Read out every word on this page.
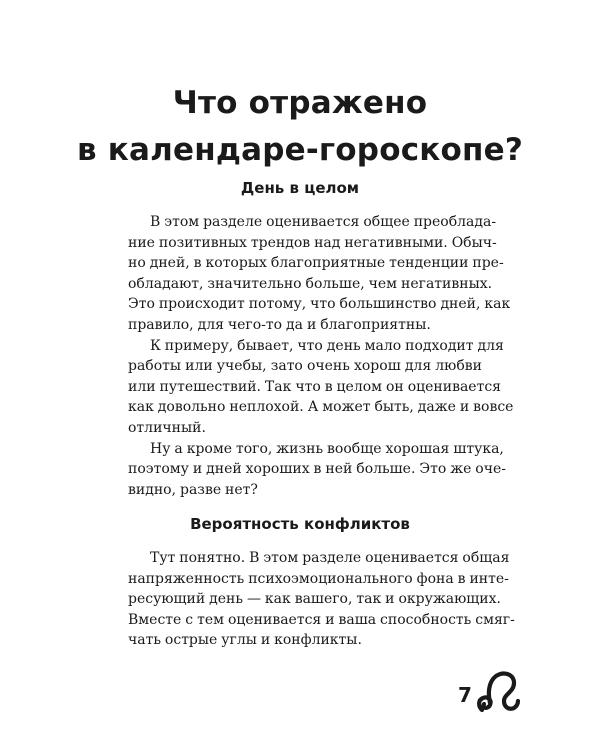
Что отражено
в календаре-гороскопе?
День в целом
В этом разделе оценивается общее преоблада-
ние позитивных трендов над негативными. Обыч-
но дней, в которых благоприятные тенденции пре-
обладают, значительно больше, чем негативных.
Это происходит потому, что большинство дней, как
правило, для чего-то да и благоприятны.
К примеру, бывает, что день мало подходит для
работы или учебы, зато очень хорош для любви
или путешествий. Так что в целом он оценивается
как довольно неплохой. А может быть, даже и вовсе
отличный.
Ну а кроме того, жизнь вообще хорошая штука,
поэтому и дней хороших в ней больше. Это же оче-
видно, разве нет?
Вероятность конфликтов
Тут понятно. В этом разделе оценивается общая
напряженность психоэмоционального фона в инте-
ресующий день — как вашего, так и окружающих.
Вместе с тем оценивается и ваша способность смяг-
чать острые углы и конфликты.
7
